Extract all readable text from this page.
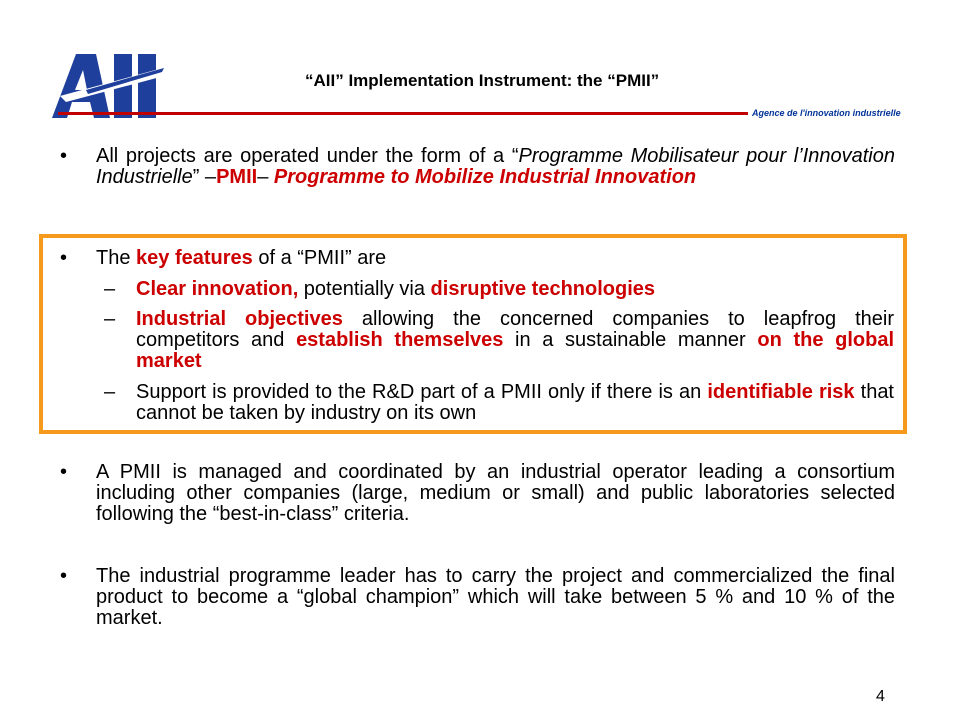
“AII” Implementation Instrument: the “PMII”
Agence de l'innovation industrielle
• All projects are operated under the form of a “Programme Mobilisateur pour l’Innovation Industrielle” –PMII– Programme to Mobilize Industrial Innovation
• The key features of a “PMII” are
– Clear innovation, potentially via disruptive technologies
– Industrial objectives allowing the concerned companies to leapfrog their competitors and establish themselves in a sustainable manner on the global market
– Support is provided to the R&D part of a PMII only if there is an identifiable risk that cannot be taken by industry on its own
• A PMII is managed and coordinated by an industrial operator leading a consortium including other companies (large, medium or small) and public laboratories selected following the “best-in-class” criteria.
• The industrial programme leader has to carry the project and commercialized the final product to become a “global champion” which will take between 5 % and 10 % of the market.
4
